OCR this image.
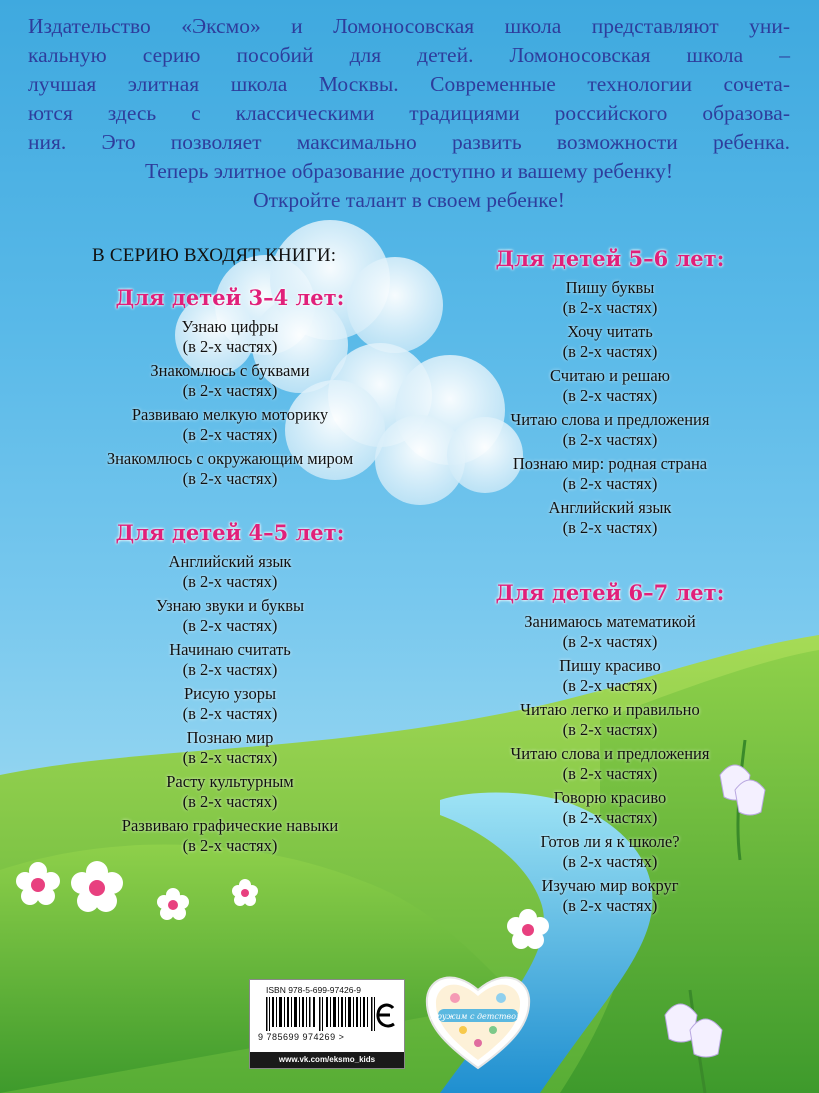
Издательство «Эксмо» и Ломоносовская школа представляют уни-

кальную серию пособий для детей. Ломоносовская школа –

лучшая элитная школа Москвы. Современные технологии сочета-

ются здесь с классическими традициями российского образова-

ния. Это позволяет максимально развить возможности ребенка.

Теперь элитное образование доступно и вашему ребенку!

Откройте талант в своем ребенке!

В СЕРИЮ ВХОДЯТ КНИГИ:
Для детей 3–4 лет:
Узнаю цифры
(в 2-х частях)
Знакомлюсь с буквами
(в 2-х частях)
Развиваю мелкую моторику
(в 2-х частях)
Знакомлюсь с окружающим миром
(в 2-х частях)
Для детей 4–5 лет:
Английский язык
(в 2-х частях)
Узнаю звуки и буквы
(в 2-х частях)
Начинаю считать
(в 2-х частях)
Рисую узоры
(в 2-х частях)
Познаю мир
(в 2-х частях)
Расту культурным
(в 2-х частях)
Развиваю графические навыки
(в 2-х частях)
Для детей 5–6 лет:
Пишу буквы
(в 2-х частях)
Хочу читать
(в 2-х частях)
Считаю и решаю
(в 2-х частях)
Читаю слова и предложения
(в 2-х частях)
Познаю мир: родная страна
(в 2-х частях)
Английский язык
(в 2-х частях)
Для детей 6–7 лет:
Занимаюсь математикой
(в 2-х частях)
Пишу красиво
(в 2-х частях)
Читаю легко и правильно
(в 2-х частях)
Читаю слова и предложения
(в 2-х частях)
Говорю красиво
(в 2-х частях)
Готов ли я к школе?
(в 2-х частях)
Изучаю мир вокруг
(в 2-х частях)
ISBN 978-5-699-97426-9
9 785699 974269 >
www.vk.com/eksmo_kids
Дружим с детством!
